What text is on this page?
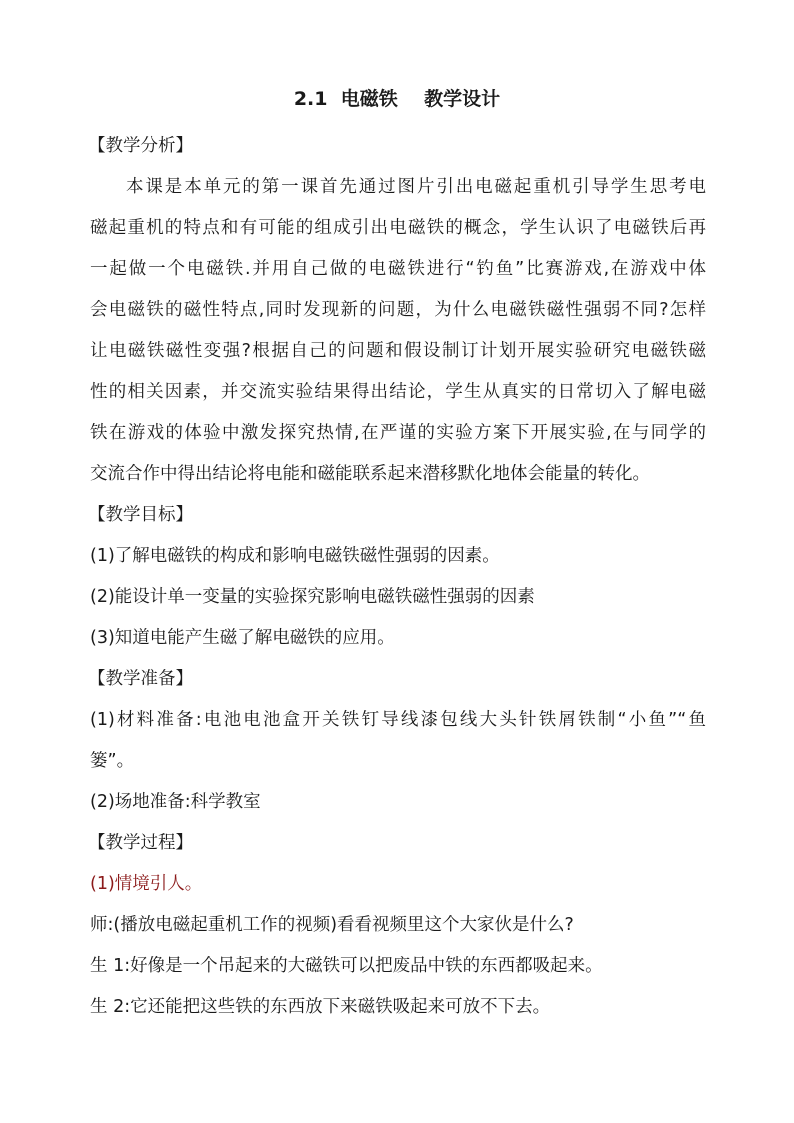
2.1  电磁铁    教学设计
【教学分析】
本课是本单元的第一课首先通过图片引出电磁起重机引导学生思考电
磁起重机的特点和有可能的组成引出电磁铁的概念，学生认识了电磁铁后再
一起做一个电磁铁.并用自己做的电磁铁进行“钓鱼”比赛游戏,在游戏中体
会电磁铁的磁性特点,同时发现新的问题，为什么电磁铁磁性强弱不同?怎样
让电磁铁磁性变强?根据自己的问题和假设制订计划开展实验研究电磁铁磁
性的相关因素，并交流实验结果得出结论，学生从真实的日常切入了解电磁
铁在游戏的体验中激发探究热情,在严谨的实验方案下开展实验,在与同学的
交流合作中得出结论将电能和磁能联系起来潜移默化地体会能量的转化。
【教学目标】
(1)了解电磁铁的构成和影响电磁铁磁性强弱的因素。
(2)能设计单一变量的实验探究影响电磁铁磁性强弱的因素
(3)知道电能产生磁了解电磁铁的应用。
【教学准备】
(1)材料准备:电池电池盒开关铁钉导线漆包线大头针铁屑铁制“小鱼”“鱼
篓”。
(2)场地准备:科学教室
【教学过程】
(1)情境引人。
师:(播放电磁起重机工作的视频)看看视频里这个大家伙是什么?
生 1:好像是一个吊起来的大磁铁可以把废品中铁的东西都吸起来。
生 2:它还能把这些铁的东西放下来磁铁吸起来可放不下去。
